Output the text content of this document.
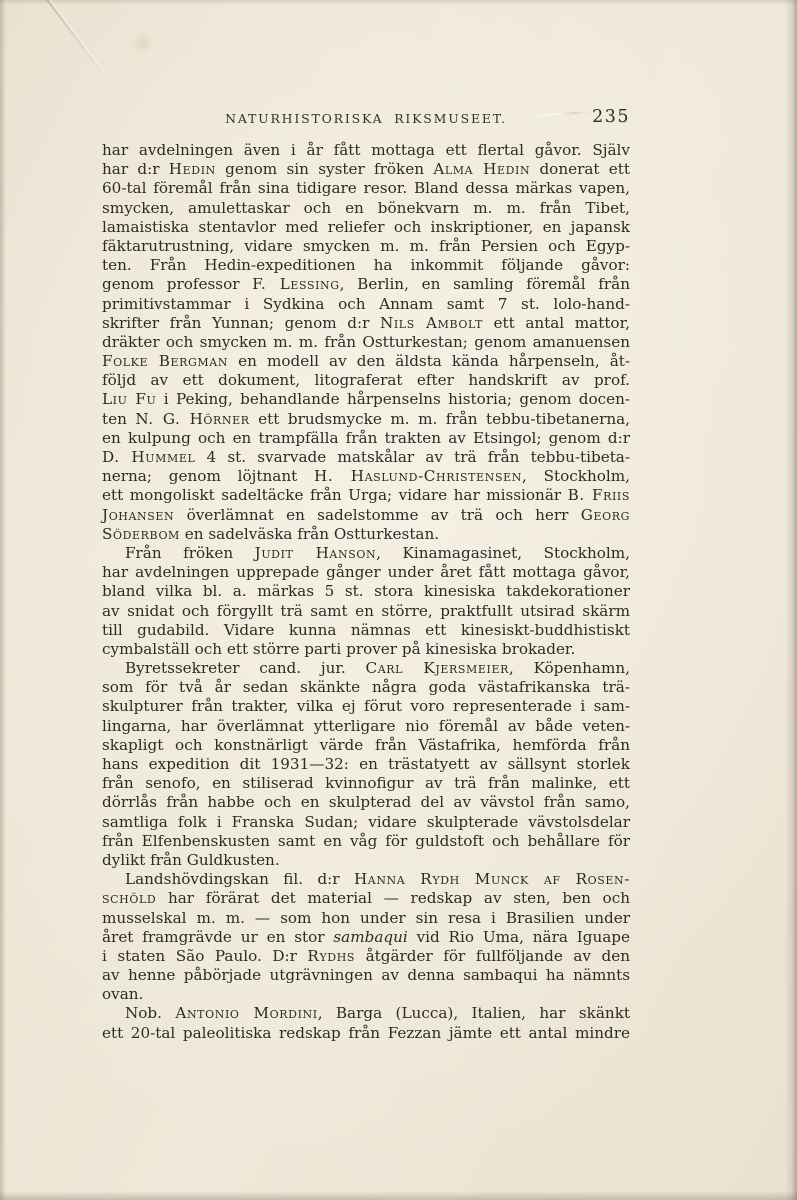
NATURHISTORISKA RIKSMUSEET.	235
har avdelningen även i år fått mottaga ett flertal gåvor. Själv
har d:r Hedin genom sin syster fröken Alma Hedin donerat ett
60-tal föremål från sina tidigare resor. Bland dessa märkas vapen,
smycken, amulettaskar och en bönekvarn m. m. från Tibet,
lamaistiska stentavlor med reliefer och inskriptioner, en japansk
fäktarutrustning, vidare smycken m. m. från Persien och Egyp-
ten. Från Hedin-expeditionen ha inkommit följande gåvor:
genom professor F. Lessing, Berlin, en samling föremål från
primitivstammar i Sydkina och Annam samt 7 st. lolo-hand-
skrifter från Yunnan; genom d:r Nils Ambolt ett antal mattor,
dräkter och smycken m. m. från Ostturkestan; genom amanuensen
Folke Bergman en modell av den äldsta kända hårpenseln, åt-
följd av ett dokument, litograferat efter handskrift av prof.
Liu Fu i Peking, behandlande hårpenselns historia; genom docen-
ten N. G. Hörner ett brudsmycke m. m. från tebbu-tibetanerna,
en kulpung och en trampfälla från trakten av Etsingol; genom d:r
D. Hummel 4 st. svarvade matskålar av trä från tebbu-tibeta-
nerna; genom löjtnant H. Haslund-Christensen, Stockholm,
ett mongoliskt sadeltäcke från Urga; vidare har missionär B. Friis
Johansen överlämnat en sadelstomme av trä och herr Georg
Söderbom en sadelväska från Ostturkestan.
Från fröken Judit Hanson, Kinamagasinet, Stockholm,
har avdelningen upprepade gånger under året fått mottaga gåvor,
bland vilka bl. a. märkas 5 st. stora kinesiska takdekorationer
av snidat och förgyllt trä samt en större, praktfullt utsirad skärm
till gudabild. Vidare kunna nämnas ett kinesiskt-buddhistiskt
cymbalställ och ett större parti prover på kinesiska brokader.
Byretssekreter cand. jur. Carl Kjersmeier, Köpenhamn,
som för två år sedan skänkte några goda västafrikanska trä-
skulpturer från trakter, vilka ej förut voro representerade i sam-
lingarna, har överlämnat ytterligare nio föremål av både veten-
skapligt och konstnärligt värde från Västafrika, hemförda från
hans expedition dit 1931—32: en trästatyett av sällsynt storlek
från senofo, en stiliserad kvinnofigur av trä från malinke, ett
dörrlås från habbe och en skulpterad del av vävstol från samo,
samtliga folk i Franska Sudan; vidare skulpterade vävstolsdelar
från Elfenbenskusten samt en våg för guldstoft och behållare för
dylikt från Guldkusten.
Landshövdingskan fil. d:r Hanna Rydh Munck af Rosen-
schöld har förärat det material — redskap av sten, ben och
musselskal m. m. — som hon under sin resa i Brasilien under
året framgrävde ur en stor sambaqui vid Rio Uma, nära Iguape
i staten São Paulo. D:r Rydhs åtgärder för fullföljande av den
av henne påbörjade utgrävningen av denna sambaqui ha nämnts
ovan.
Nob. Antonio Mordini, Barga (Lucca), Italien, har skänkt
ett 20-tal paleolitiska redskap från Fezzan jämte ett antal mindre
